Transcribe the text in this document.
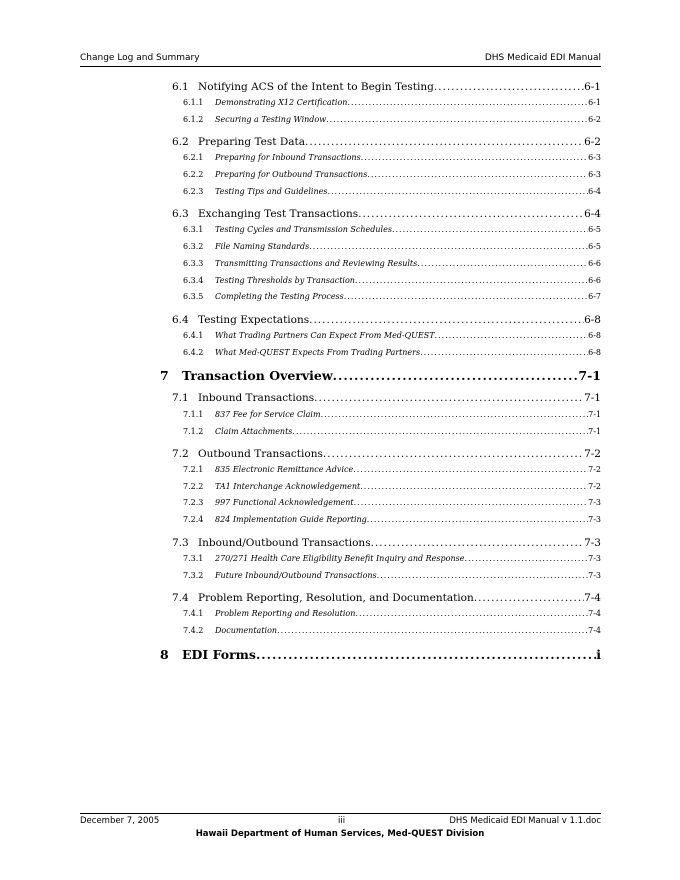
Change Log and Summary	DHS Medicaid EDI Manual
6.1 Notifying ACS of the Intent to Begin Testing .....	6-1
6.1.1	Demonstrating X12 Certification .....	6-1
6.1.2	Securing a Testing Window .....	6-2
6.2 Preparing Test Data .....	6-2
6.2.1	Preparing for Inbound Transactions .....	6-3
6.2.2	Preparing for Outbound Transactions .....	6-3
6.2.3	Testing Tips and Guidelines .....	6-4
6.3 Exchanging Test Transactions .....	6-4
6.3.1	Testing Cycles and Transmission Schedules .....	6-5
6.3.2	File Naming Standards .....	6-5
6.3.3	Transmitting Transactions and Reviewing Results .....	6-6
6.3.4	Testing Thresholds by Transaction .....	6-6
6.3.5	Completing the Testing Process .....	6-7
6.4 Testing Expectations .....	6-8
6.4.1	What Trading Partners Can Expect From Med-QUEST .....	6-8
6.4.2	What Med-QUEST Expects From Trading Partners .....	6-8
7	Transaction Overview .....	7-1
7.1 Inbound Transactions .....	7-1
7.1.1	837 Fee for Service Claim .....	7-1
7.1.2	Claim Attachments .....	7-1
7.2 Outbound Transactions .....	7-2
7.2.1	835 Electronic Remittance Advice .....	7-2
7.2.2	TA1 Interchange Acknowledgement .....	7-2
7.2.3	997 Functional Acknowledgement .....	7-3
7.2.4	824 Implementation Guide Reporting .....	7-3
7.3 Inbound/Outbound Transactions .....	7-3
7.3.1	270/271 Health Care Eligibility Benefit Inquiry and Response .....	7-3
7.3.2	Future Inbound/Outbound Transactions .....	7-3
7.4 Problem Reporting, Resolution, and Documentation .....	7-4
7.4.1	Problem Reporting and Resolution .....	7-4
7.4.2	Documentation .....	7-4
8	EDI Forms .....	i
December 7, 2005	iii	DHS Medicaid EDI Manual v 1.1.doc
Hawaii Department of Human Services, Med-QUEST Division
